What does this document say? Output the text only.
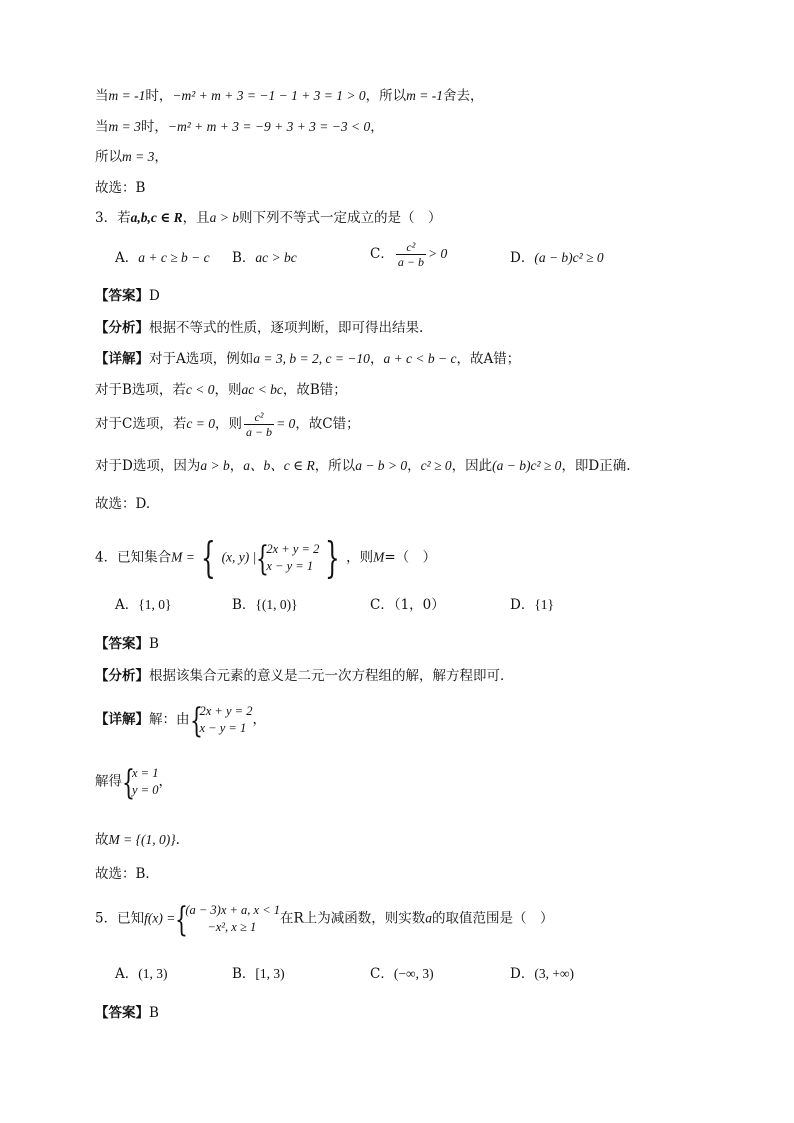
当m = -1时，−m² + m + 3 = −1 − 1 + 3 = 1 > 0，所以m = -1舍去，
当m = 3时，−m² + m + 3 = −9 + 3 + 3 = −3 < 0，
所以m = 3，
故选：B
3．若a,b,c ∈ R，且a > b则下列不等式一定成立的是（　）
A．a + c ≥ b − c B．ac > bc	C． $\frac{\text{c²}}{a - b} > 0$	D．(a − b)c² ≥ 0
【答案】D
【分析】根据不等式的性质，逐项判断，即可得出结果.
【详解】对于A选项，例如a = 3, b = 2, c = −10，a + c < b − c，故A错；
对于B选项，若c < 0，则ac < bc，故B错；
对于C选项，若c = 0，则 $\frac{\text{c²}}{a - b} = 0$，故C错；
对于D选项，因为a > b，a、b、c ∈ R，所以a − b > 0，c² ≥ 0，因此(a − b)c² ≥ 0，即D正确.
故选：D.
4．已知集合M = { (x, y) | {
2x + y = 2
x − y = 1 } ，则M=（　）
A．{1, 0}	B．{(1, 0)}	C．（1，0）	D．{1}
【答案】B
【分析】根据该集合元素的意义是二元一次方程组的解，解方程即可．
【详解】解：由 {
2x + y = 2
x − y = 1
，
解得 {
x = 1
y = 0
，
故M = {(1, 0)}.
故选：B．
5．已知f(x) = {
(a − 3)x + a, x < 1
−x², x ≥ 1
在R上为减函数，则实数a的取值范围是（　）
A．(1, 3)	B．[1, 3)	C．(−∞, 3)	D．(3, +∞)
【答案】B
